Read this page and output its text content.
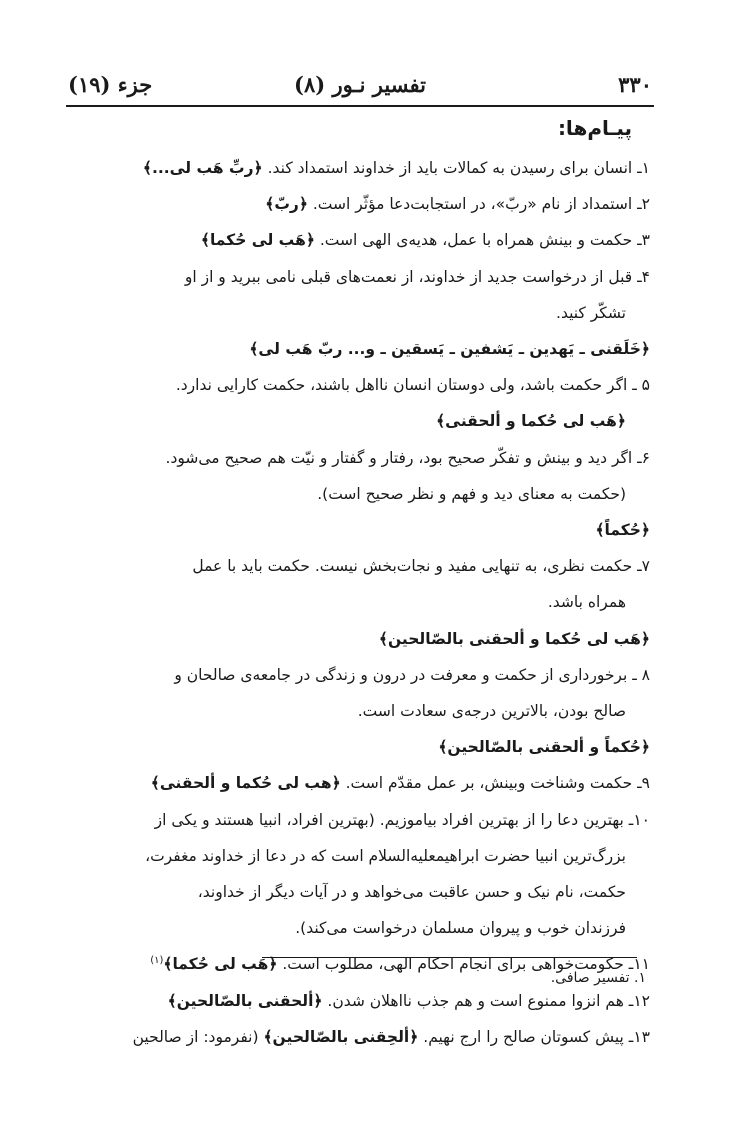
۳۳۰
تفسیر نـور (۸)
جزء (۱۹)
پیـام‌ها:

۱ـ انسان برای رسیدن به کمالات باید از خداوند استمداد کند. ﴿ربِّ هَب لی...﴾

۲ـ استمداد از نام «ربّ»، در استجابت‌دعا مؤثّر است. ﴿ربّ﴾

۳ـ حکمت و بینش همراه با عمل، هدیه‌ی الهی است. ﴿هَب لی حُکما﴾

۴ـ قبل از درخواست جدید از خداوند، از نعمت‌های قبلی نامی ببرید و از او
تشکّر کنید.
﴿خَلَقنی ـ یَهدین ـ یَشفین ـ یَسقین ـ و... ربّ هَب لی﴾

۵ ـ اگر حکمت باشد، ولی دوستان انسان نااهل باشند، حکمت کارایی ندارد.
﴿هَب لی حُکما و ألحقنی﴾

۶ـ اگر دید و بینش و تفکّر صحیح بود، رفتار و گفتار و نیّت هم صحیح می‌شود.
(حکمت به معنای دید و فهم و نظر صحیح است).
﴿حُکماً﴾

۷ـ حکمت نظری، به تنهایی مفید و نجات‌بخش نیست. حکمت باید با عمل
همراه باشد.
﴿هَب لی حُکما و ألحقنی بالصّالحین﴾

۸ ـ برخورداری از حکمت و معرفت در درون و زندگی در جامعه‌ی صالحان و
صالح بودن، بالاترین درجه‌ی سعادت است.
﴿حُکماً و ألحقنی بالصّالحین﴾

۹ـ حکمت وشناخت وبینش، بر عمل مقدّم است. ﴿هب لی حُکما و ألحقنی﴾

۱۰ـ بهترین دعا را از بهترین افراد بیاموزیم. (بهترین افراد، انبیا هستند و یکی از
بزرگ‌ترین انبیا حضرت ابراهیمعليه‌السلام است که در دعا از خداوند مغفرت،
حکمت، نام نیک و حسن عاقبت می‌خواهد و در آیات دیگر از خداوند،
فرزندان خوب و پیروان مسلمان درخواست می‌کند).

۱۱ـ حکومت‌خواهی برای انجام احکام الهی، مطلوب است. ﴿هَب لی حُکما﴾$^{(۱)}$

۱۲ـ هم انزوا ممنوع است و هم جذب نااهلان شدن. ﴿ألحقنی بالصّالحین﴾

۱۳ـ پیش کسوتان صالح را ارج نهیم. ﴿ألحِقنی بالصّالحین﴾ (نفرمود: از صالحین

۱. تفسیر صافی.
